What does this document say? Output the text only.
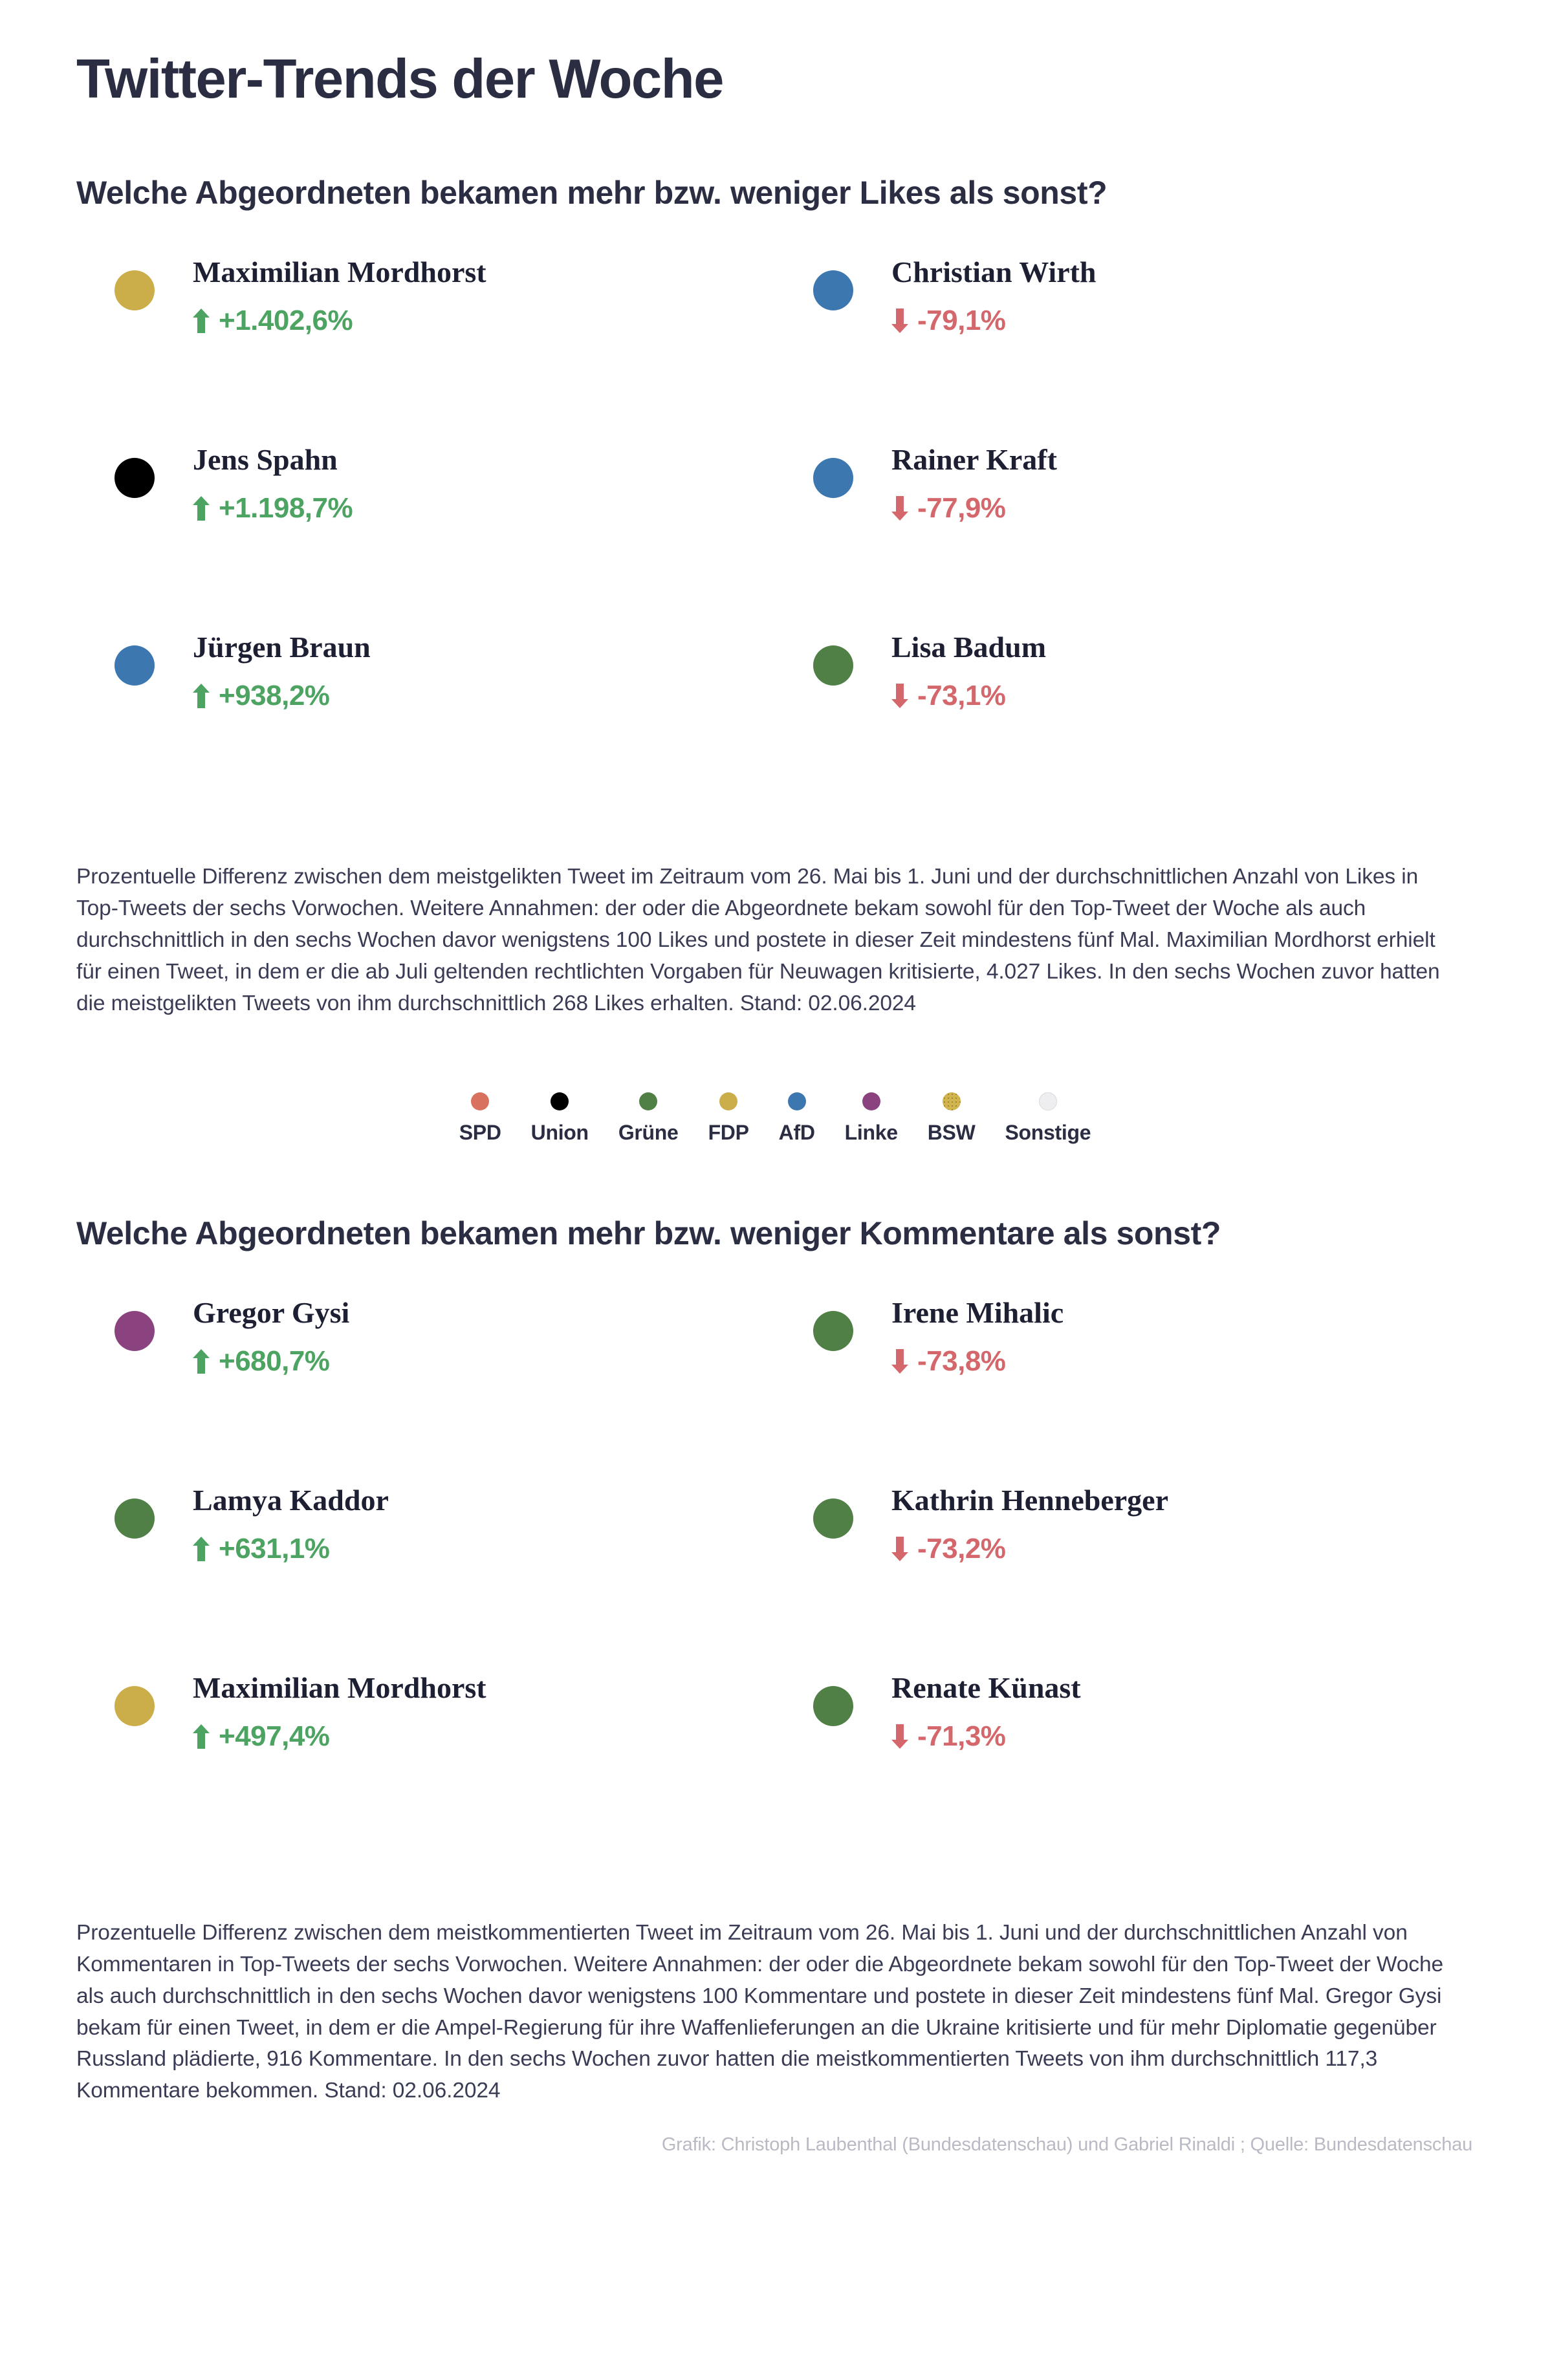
Twitter-Trends der Woche
Welche Abgeordneten bekamen mehr bzw. weniger Likes als sonst?
Maximilian Mordhorst
+1.402,6%
Christian Wirth
-79,1%
Jens Spahn
+1.198,7%
Rainer Kraft
-77,9%
Jürgen Braun
+938,2%
Lisa Badum
-73,1%

Prozentuelle Differenz zwischen dem meistgelikten Tweet im Zeitraum vom 26. Mai bis 1. Juni und der durchschnittlichen Anzahl von Likes in Top-Tweets der sechs Vorwochen. Weitere Annahmen: der oder die Abgeordnete bekam sowohl für den Top-Tweet der Woche als auch durchschnittlich in den sechs Wochen davor wenigstens 100 Likes und postete in dieser Zeit mindestens fünf Mal. Maximilian Mordhorst erhielt für einen Tweet, in dem er die ab Juli geltenden rechtlichten Vorgaben für Neuwagen kritisierte, 4.027 Likes. In den sechs Wochen zuvor hatten die meistgelikten Tweets von ihm durchschnittlich 268 Likes erhalten. Stand: 02.06.2024

SPD Union Grüne FDP AfD Linke BSW Sonstige
Welche Abgeordneten bekamen mehr bzw. weniger Kommentare als sonst?
Gregor Gysi
+680,7%
Irene Mihalic
-73,8%
Lamya Kaddor
+631,1%
Kathrin Henneberger
-73,2%
Maximilian Mordhorst
+497,4%
Renate Künast
-71,3%

Prozentuelle Differenz zwischen dem meistkommentierten Tweet im Zeitraum vom 26. Mai bis 1. Juni und der durchschnittlichen Anzahl von Kommentaren in Top-Tweets der sechs Vorwochen. Weitere Annahmen: der oder die Abgeordnete bekam sowohl für den Top-Tweet der Woche als auch durchschnittlich in den sechs Wochen davor wenigstens 100 Kommentare und postete in dieser Zeit mindestens fünf Mal. Gregor Gysi bekam für einen Tweet, in dem er die Ampel-Regierung für ihre Waffenlieferungen an die Ukraine kritisierte und für mehr Diplomatie gegenüber Russland plädierte, 916 Kommentare. In den sechs Wochen zuvor hatten die meistkommentierten Tweets von ihm durchschnittlich 117,3 Kommentare bekommen. Stand: 02.06.2024

Grafik: Christoph Laubenthal (Bundesdatenschau) und Gabriel Rinaldi ; Quelle: Bundesdatenschau
